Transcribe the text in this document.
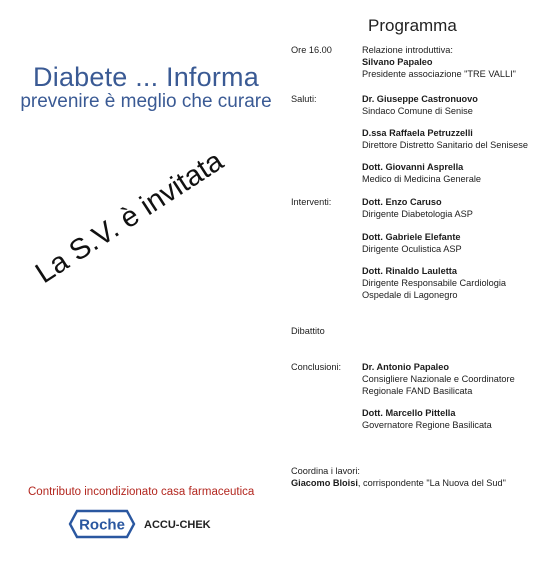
Diabete ... Informa
prevenire è meglio che curare
La S.V. è invitata
Contributo incondizionato casa farmaceutica
Roche ACCU-CHEK
Programma
Ore 16.00	Relazione introduttiva:
Silvano Papaleo
Presidente associazione "TRE VALLI"
Saluti:	Dr. Giuseppe Castronuovo
Sindaco Comune di Senise
D.ssa Raffaela Petruzzelli
Direttore Distretto Sanitario del Senisese
Dott. Giovanni Asprella
Medico di Medicina Generale
Interventi:	Dott. Enzo Caruso
Dirigente Diabetologia ASP
Dott. Gabriele Elefante
Dirigente Oculistica ASP
Dott. Rinaldo Lauletta
Dirigente Responsabile Cardiologia
Ospedale di Lagonegro
Dibattito
Conclusioni: Dr. Antonio Papaleo
Consigliere Nazionale e Coordinatore
Regionale FAND Basilicata
Dott. Marcello Pittella
Governatore Regione Basilicata
Coordina i lavori:
Giacomo Bloisi, corrispondente "La Nuova del Sud"
